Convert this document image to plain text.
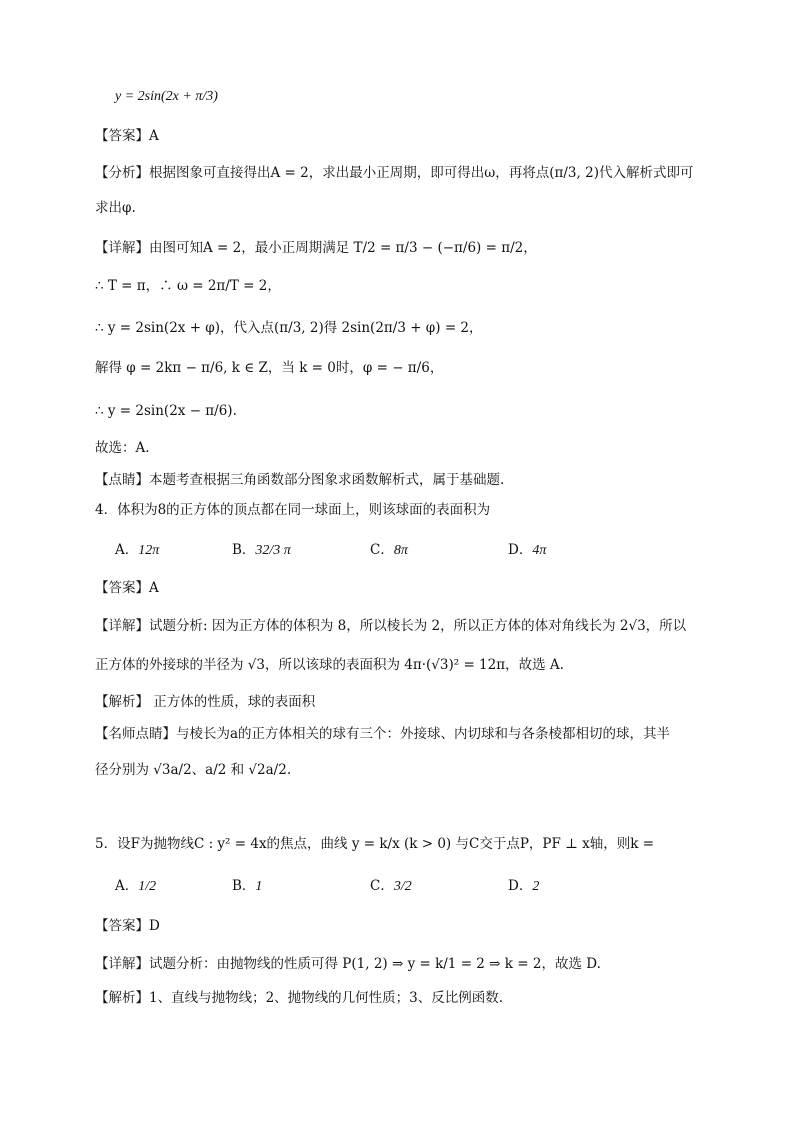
y = 2sin(2x + π/3)
【答案】A
【分析】根据图象可直接得出A = 2，求出最小正周期，即可得出ω，再将点(π/3, 2)代入解析式即可
求出φ.
【详解】由图可知A = 2，最小正周期满足 T/2 = π/3 − (−π/6) = π/2，
∴ T = π，∴ ω = 2π/T = 2，
∴ y = 2sin(2x + φ)，代入点(π/3, 2)得 2sin(2π/3 + φ) = 2，
解得 φ = 2kπ − π/6, k ∈ Z，当 k = 0时，φ = − π/6，
∴ y = 2sin(2x − π/6).
故选：A.
【点睛】本题考查根据三角函数部分图象求函数解析式，属于基础题.
4．体积为8的正方体的顶点都在同一球面上，则该球面的表面积为
A．12π	B．32/3 π	C．8π	D．4π
【答案】A
【详解】试题分析: 因为正方体的体积为 8，所以棱长为 2，所以正方体的体对角线长为 2√3，所以
正方体的外接球的半径为 √3，所以该球的表面积为 4π·(√3)² = 12π，故选 A.
【解析】 正方体的性质，球的表面积
【名师点睛】与棱长为a的正方体相关的球有三个：外接球、内切球和与各条棱都相切的球，其半
径分别为 √3a/2、a/2 和 √2a/2.
5．设F为抛物线C : y² = 4x的焦点，曲线 y = k/x (k > 0) 与C交于点P，PF ⊥ x轴，则k =
A．1/2	B．1	C．3/2	D．2
【答案】D
【详解】试题分析：由抛物线的性质可得 P(1, 2) ⇒ y = k/1 = 2 ⇒ k = 2，故选 D.
【解析】1、直线与抛物线；2、抛物线的几何性质；3、反比例函数.
